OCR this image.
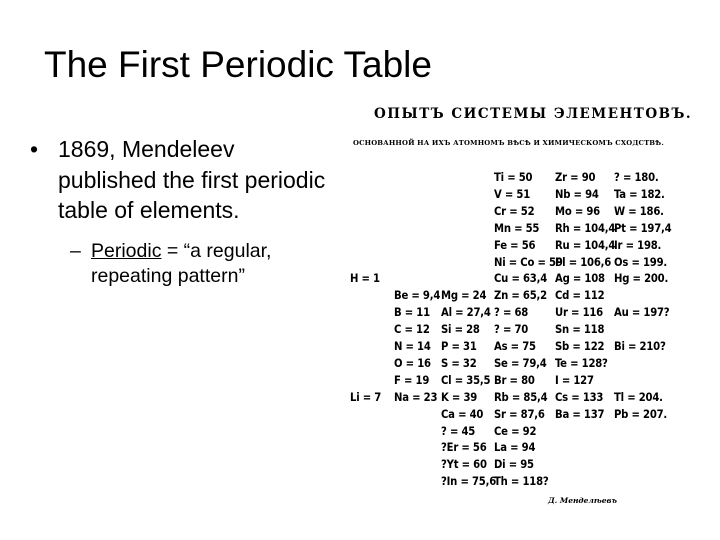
The First Periodic Table
• 1869, Mendeleev published the first periodic table of elements.
– Periodic = “a regular, repeating pattern”
ОПЫТЪ СИСТЕМЫ ЭЛЕМЕНТОВЪ.
ОСНОВАННОЙ НА ИХЪ АТОМНОМЪ ВѢСѢ И ХИМИЧЕСКОМЪ СХОДСТВѢ.
Ti = 50 Zr = 90 ? = 180.
V = 51 Nb = 94 Ta = 182.
Cr = 52 Mo = 96 W = 186.
Mn = 55 Rh = 104,4
Pt = 197,4
Fe = 56 Ru = 104,4
Ir = 198.
Ni = Co = 59
Pl = 106,6 Os = 199.
H = 1	Cu = 63,4 Ag = 108 Hg = 200.
Be = 9,4 Mg = 24 Zn = 65,2 Cd = 112
B = 11 Al = 27,4 ? = 68 Ur = 116 Au = 197?
C = 12 Si = 28 ? = 70 Sn = 118
N = 14 P = 31 As = 75 Sb = 122 Bi = 210?
O = 16 S = 32 Se = 79,4 Te = 128?
F = 19 Cl = 35,5 Br = 80 I = 127
Li = 7 Na = 23 K = 39 Rb = 85,4 Cs = 133 Tl = 204.
Ca = 40 Sr = 87,6 Ba = 137 Pb = 207.
? = 45 Ce = 92
?Er = 56 La = 94
?Yt = 60 Di = 95
?In = 75,6
Th = 118?
Д. Менделѣевъ
